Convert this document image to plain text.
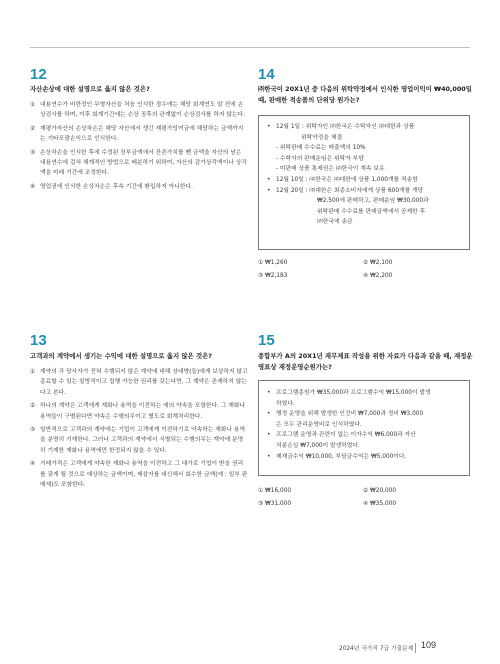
12
자산손상에 대한 설명으로 옳지 않은 것은?
① 내용연수가 비한정인 무형자산을 처음 인식한 경우에는 해당 회계연도 말 전에 손상검사를 하며, 이후 회계기간에는 손상 징후의 관계없이 손상검사를 하지 않는다.
② 재평가자산의 손상차손은 해당 자산에서 생긴 재평가잉여금에 해당하는 금액까지는 기타포괄손익으로 인식한다.
③ 손상차손을 인식한 후에 수정된 장부금액에서 잔존가치를 뺀 금액을 자산의 남은 내용연수에 걸쳐 체계적인 방법으로 배분하기 위하여, 자산의 감가상각액이나 상각액을 미래 기간에 조정한다.
④ 영업권에 인식한 손상차손은 후속 기간에 환입하지 아니한다.
14
㈜한국이 20X1년 중 다음의 위탁약정에서 인식한 영업이익이 ₩40,000일 때, 판매한 적송품의 단위당 원가는?
• 12월 1일 : 위탁자인 ㈜한국은 수탁자인 ㈜대한과 상품
위탁약정을 체결
- 위탁판매 수수료는 매출액의 10%
- 수탁자의 판매운임은 위탁자 부담
- 미판매 상품 통제권은 ㈜한국이 계속 보유
• 12월 10일 : ㈜한국은 ㈜대한에 상품 1,000개를 적송함
• 12월 20일 : ㈜대한은 최종소비자에게 상품 600개를 개당
₩2,500에 판매하고, 판매운임 ₩30,000과
위탁판매 수수료를 판매금액에서 공제한 후
㈜한국에 송금
① ₩1,260	② ₩2,100
③ ₩2,183	④ ₩2,200
13
고객과의 계약에서 생기는 수익에 대한 설명으로 옳지 않은 것은?
① 계약의 각 당사자가 전혀 수행되지 않은 계약에 대해 상대방(들)에게 보상하지 않고 종료할 수 있는 일방적이고 집행 가능한 권리를 갖는다면, 그 계약은 존재하지 않는다고 본다.
② 하나의 계약은 고객에게 재화나 용역을 이전하는 예의 약속을 포함한다. 그 재화나 용역들이 구별된다면 약속은 수행의무이고 별도로 회계처리한다.
③ 일반적으로 고객과의 계약에는 기업이 고객에게 이전하기로 약속하는 재화나 용역을 분명히 기재한다. 그러나 고객과의 계약에서 식별되는 수행의무는 계약에 분명히 기재한 재화나 용역에만 한정되지 않을 수 있다.
④ 거래가격은 고객에게 약속한 재화나 용역을 이전하고 그 대가로 기업이 받을 권리를 갖게 될 것으로 예상하는 금액이며, 제삼자를 대신해서 회수한 금액(예 : 일부 판매세)도 포함한다.
15
종합부가 A의 20X1년 재무제표 작성을 위한 자료가 다음과 같을 때, 재정운영표상 재정운영순원가는?
• 프로그램총원가 ₩35,000과 프로그램수익 ₩15,000이 발생
하였다.
• 행정 운영을 위해 발생한 인건비 ₩7,000과 경비 ₩3,000
은 모두 관리운영비로 인식하였다.
• 프로그램 운영과 관련이 없는 이자수익 ₩6,000과 자산
처분손실 ₩7,000이 발생하였다.
• 제재금수익 ₩10,000, 부담금수익은 ₩5,000이다.
① ₩16,000	② ₩20,000
③ ₩31,000	④ ₩35,000
2024년 국가직 7급 기출문제 109
